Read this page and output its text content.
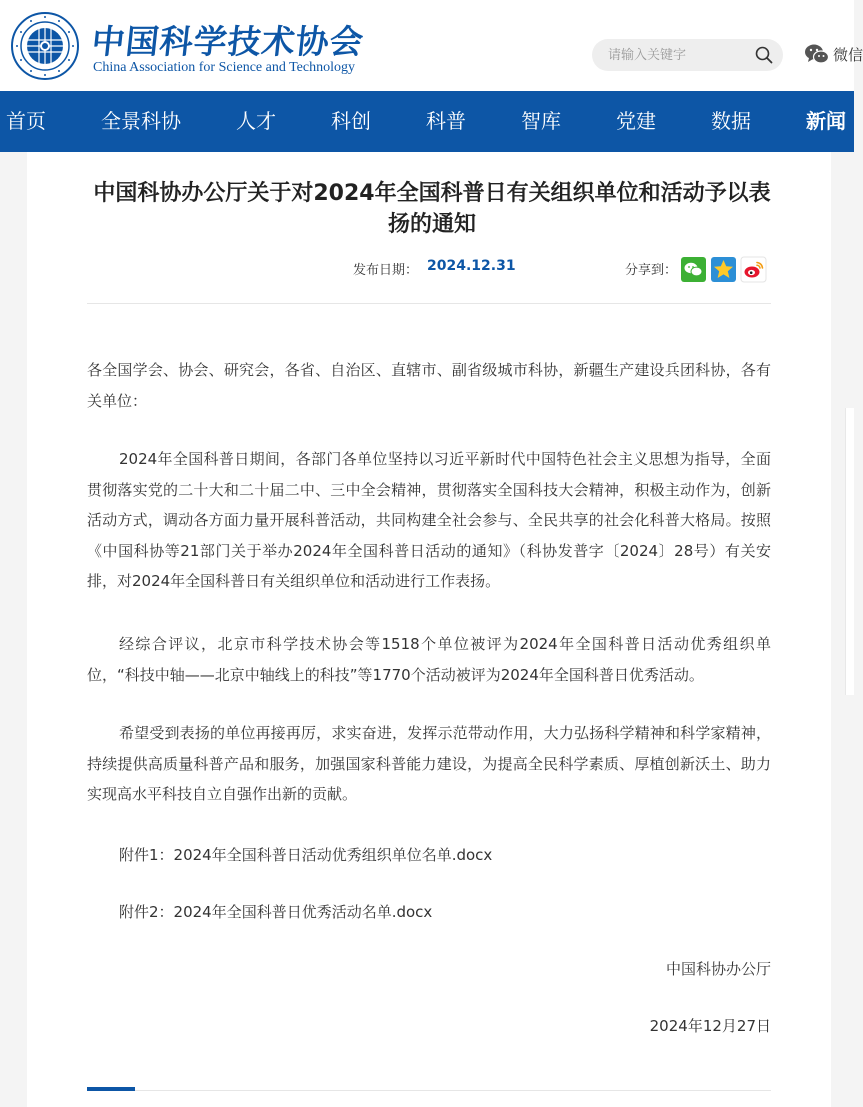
中国科学技术协会
China Association for Science and Technology
请输入关键字
微信
首页	全景科协	人才	科创	科普	智库	党建	数据	新闻
中国科协办公厅关于对2024年全国科普日有关组织单位和活动予以表扬的通知
发布日期： 2024.12.31	分享到：

各全国学会、协会、研究会，各省、自治区、直辖市、副省级城市科协，新疆生产建设兵团科协，各有关单位：

2024年全国科普日期间，各部门各单位坚持以习近平新时代中国特色社会主义思想为指导，全面贯彻落实党的二十大和二十届二中、三中全会精神，贯彻落实全国科技大会精神，积极主动作为，创新活动方式，调动各方面力量开展科普活动，共同构建全社会参与、全民共享的社会化科普大格局。按照《中国科协等21部门关于举办2024年全国科普日活动的通知》（科协发普字〔2024〕28号）有关安排，对2024年全国科普日有关组织单位和活动进行工作表扬。

经综合评议，北京市科学技术协会等1518个单位被评为2024年全国科普日活动优秀组织单位，“科技中轴——北京中轴线上的科技”等1770个活动被评为2024年全国科普日优秀活动。

希望受到表扬的单位再接再厉，求实奋进，发挥示范带动作用，大力弘扬科学精神和科学家精神，持续提供高质量科普产品和服务，加强国家科普能力建设，为提高全民科学素质、厚植创新沃土、助力实现高水平科技自立自强作出新的贡献。

附件1：2024年全国科普日活动优秀组织单位名单.docx
附件2：2024年全国科普日优秀活动名单.docx
中国科协办公厅
2024年12月27日
